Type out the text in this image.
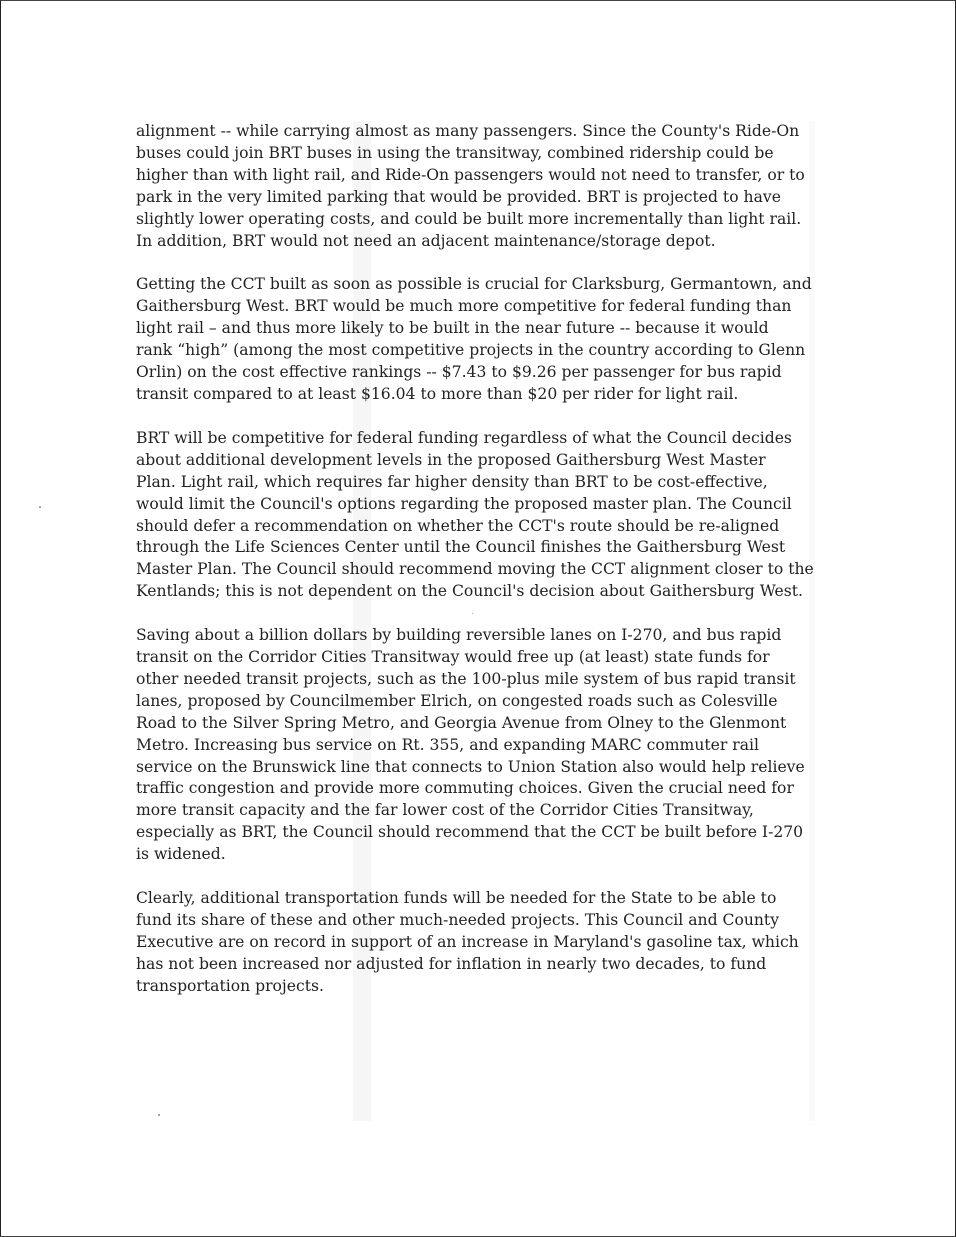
alignment -- while carrying almost as many passengers. Since the County's Ride-On
buses could join BRT buses in using the transitway, combined ridership could be
higher than with light rail, and Ride-On passengers would not need to transfer, or to
park in the very limited parking that would be provided. BRT is projected to have
slightly lower operating costs, and could be built more incrementally than light rail.
In addition, BRT would not need an adjacent maintenance/storage depot.

Getting the CCT built as soon as possible is crucial for Clarksburg, Germantown, and
Gaithersburg West. BRT would be much more competitive for federal funding than
light rail – and thus more likely to be built in the near future -- because it would
rank “high” (among the most competitive projects in the country according to Glenn
Orlin) on the cost effective rankings -- $7.43 to $9.26 per passenger for bus rapid
transit compared to at least $16.04 to more than $20 per rider for light rail.

BRT will be competitive for federal funding regardless of what the Council decides
about additional development levels in the proposed Gaithersburg West Master
Plan. Light rail, which requires far higher density than BRT to be cost-effective,
would limit the Council's options regarding the proposed master plan. The Council
should defer a recommendation on whether the CCT's route should be re-aligned
through the Life Sciences Center until the Council finishes the Gaithersburg West
Master Plan. The Council should recommend moving the CCT alignment closer to the
Kentlands; this is not dependent on the Council's decision about Gaithersburg West.

Saving about a billion dollars by building reversible lanes on I-270, and bus rapid
transit on the Corridor Cities Transitway would free up (at least) state funds for
other needed transit projects, such as the 100-plus mile system of bus rapid transit
lanes, proposed by Councilmember Elrich, on congested roads such as Colesville
Road to the Silver Spring Metro, and Georgia Avenue from Olney to the Glenmont
Metro. Increasing bus service on Rt. 355, and expanding MARC commuter rail
service on the Brunswick line that connects to Union Station also would help relieve
traffic congestion and provide more commuting choices. Given the crucial need for
more transit capacity and the far lower cost of the Corridor Cities Transitway,
especially as BRT, the Council should recommend that the CCT be built before I-270
is widened.

Clearly, additional transportation funds will be needed for the State to be able to
fund its share of these and other much-needed projects. This Council and County
Executive are on record in support of an increase in Maryland's gasoline tax, which
has not been increased nor adjusted for inflation in nearly two decades, to fund
transportation projects.
